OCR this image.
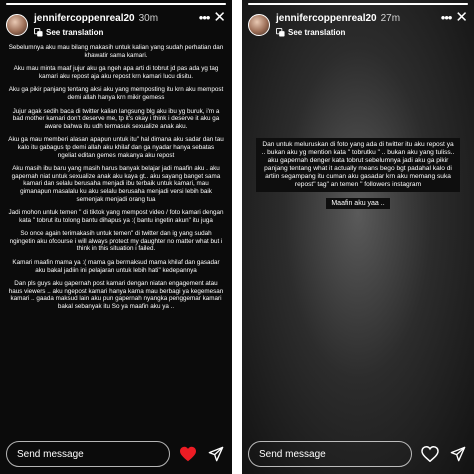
jennifercoppenreal20 30m
See translation
••• ✕

Sebelumnya aku mau bilang makasih untuk kalian yang sudah perhatian dan khawatir sama kamari.

Aku mau minta maaf jujur aku ga ngeh apa arti di tobrut jd pas ada yg tag kamari aku repost aja aku repost krn kamari lucu disitu.

Aku ga pikir panjang tentang aksi aku yang memposting itu krn aku mempost demi allah hanya krn mikir gemess

Jujur agak sedih baca di twitter kalian langsung blg aku ibu yg buruk, i'm a bad mother kamari don't deserve me, tp it's okay i think i deserve it aku ga aware bahwa itu udh termasuk sexualize anak aku.

Aku ga mau memberi alasan apapun untuk itu" hal dimana aku sadar dan tau kalo itu gabagus tp demi allah aku khilaf dan ga nyadar hanya sebatas ngeliat editan gemes makanya aku repost

Aku masih ibu baru yang masih harus banyak belajar jadi maafin aku . aku gapernah niat untuk sexualize anak aku kaya gt.. aku sayang banget sama kamari dan selalu berusaha menjadi ibu terbaik untuk kamari, mau gimanapun masalalu ku aku selalu berusaha menjadi versi lebih baik semenjak menjadi orang tua

Jadi mohon untuk temen " di tiktok yang mempost video / foto kamari dengan kata " tobrut itu tolong bantu dihapus ya :( bantu ingetin akun" itu juga

So once again terimakasih untuk temen" di twitter dan ig yang sudah ngingetin aku ofcourse i will always protect my daughter no matter what but i think in this situation i failed.

Kamari maafin mama ya :( mama ga bermaksud mama khilaf dan gasadar aku bakal jadiin ini pelajaran untuk lebih hati" kedepannya

Dan pls guys aku gapernah post kamari dengan niatan engagement atau haus viewers .. aku ngepost kamari hanya karna mau berbagi ya kegemesan kamari .. gaada maksud lain aku pun gapernah nyangka penggemar kamari bakal sebanyak itu So ya maafin aku ya ..

Send message
jennifercoppenreal20 27m
See translation
••• ✕

Dan untuk meluruskan di foto yang ada di twitter itu aku repost ya .. bukan aku yg mention kata " tobrutku " .. bukan aku yang tuliss.. aku gapernah denger kata tobrut sebelumnya jadi aku ga pikir panjang tentang what it actually means bego bgt padahal kalo di artiin segampang itu cuman aku gasadar krn aku memang suka repost" tag" an temen " followers instagram

Maafin aku yaa ..

Send message
